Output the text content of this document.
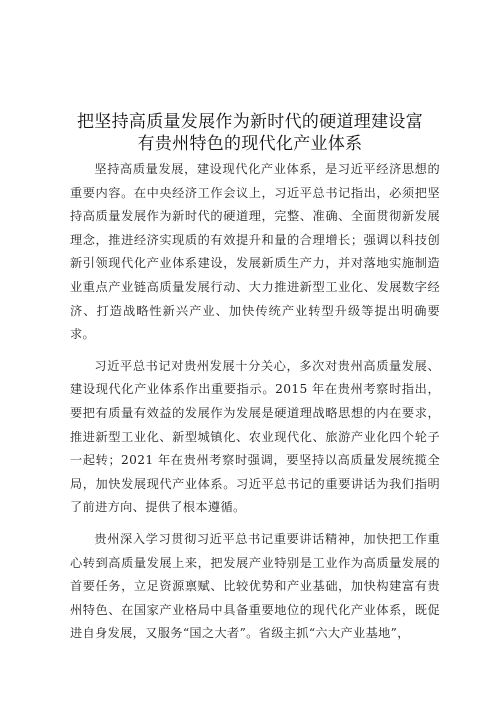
把坚持高质量发展作为新时代的硬道理建设富
有贵州特色的现代化产业体系

坚持高质量发展，建设现代化产业体系，是习近平经济思想的重要内容。在中央经济工作会议上，习近平总书记指出，必须把坚持高质量发展作为新时代的硬道理，完整、准确、全面贯彻新发展理念，推进经济实现质的有效提升和量的合理增长；强调以科技创新引领现代化产业体系建设，发展新质生产力，并对落地实施制造业重点产业链高质量发展行动、大力推进新型工业化、发展数字经济、打造战略性新兴产业、加快传统产业转型升级等提出明确要求。

习近平总书记对贵州发展十分关心，多次对贵州高质量发展、建设现代化产业体系作出重要指示。2015 年在贵州考察时指出，要把有质量有效益的发展作为发展是硬道理战略思想的内在要求，推进新型工业化、新型城镇化、农业现代化、旅游产业化四个轮子一起转；2021 年在贵州考察时强调，要坚持以高质量发展统揽全局，加快发展现代产业体系。习近平总书记的重要讲话为我们指明了前进方向、提供了根本遵循。

贵州深入学习贯彻习近平总书记重要讲话精神，加快把工作重心转到高质量发展上来，把发展产业特别是工业作为高质量发展的首要任务，立足资源禀赋、比较优势和产业基础，加快构建富有贵州特色、在国家产业格局中具备重要地位的现代化产业体系，既促进自身发展，又服务“国之大者”。省级主抓“六大产业基地”，
